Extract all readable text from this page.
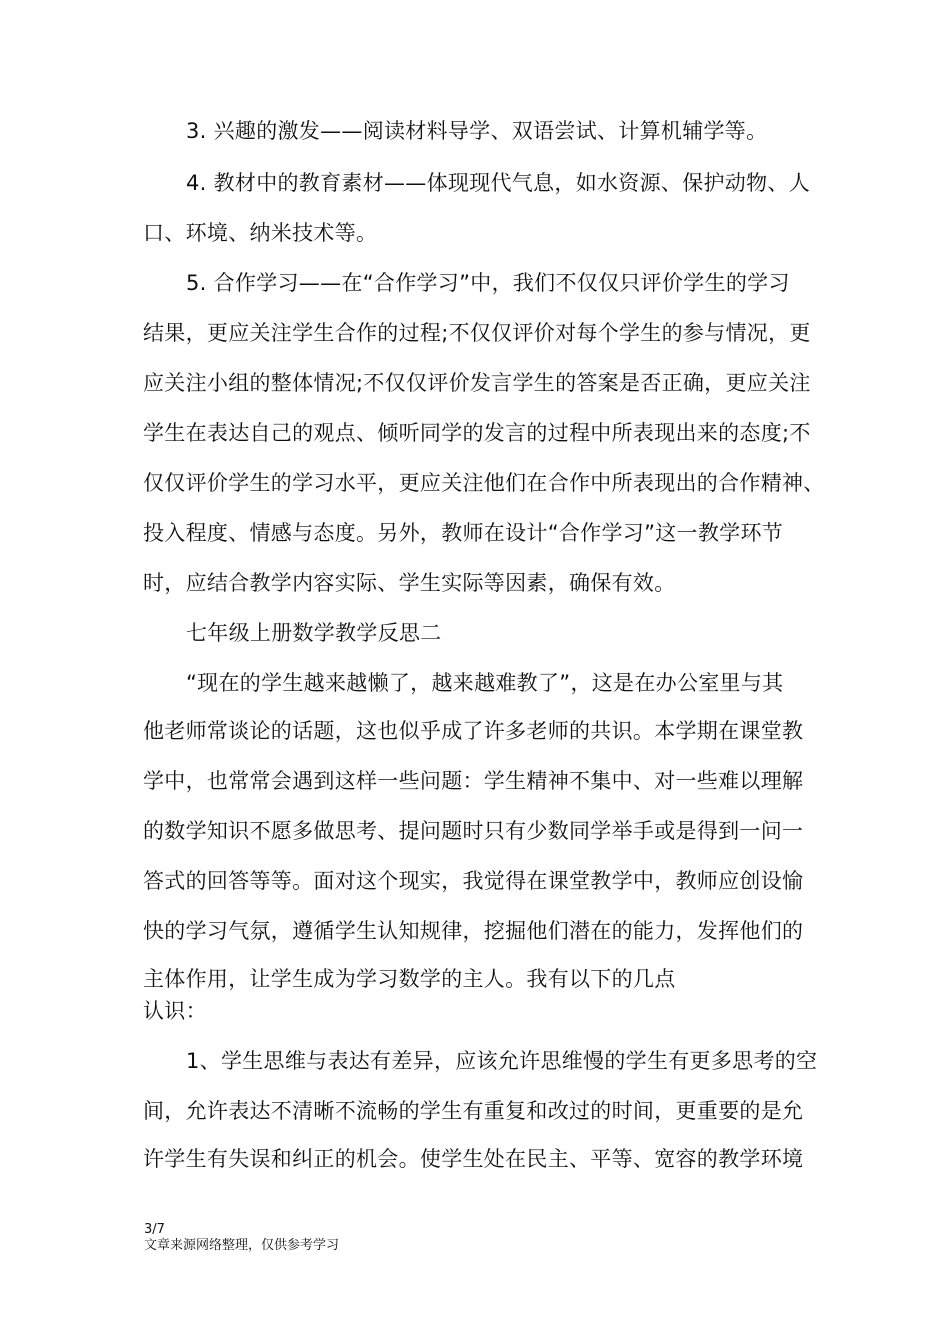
3. 兴趣的激发——阅读材料导学、双语尝试、计算机辅学等。
4. 教材中的教育素材——体现现代气息，如水资源、保护动物、人
口、环境、纳米技术等。
5. 合作学习——在“合作学习”中，我们不仅仅只评价学生的学习
结果，更应关注学生合作的过程;不仅仅评价对每个学生的参与情况，更
应关注小组的整体情况;不仅仅评价发言学生的答案是否正确，更应关注
学生在表达自己的观点、倾听同学的发言的过程中所表现出来的态度;不
仅仅评价学生的学习水平，更应关注他们在合作中所表现出的合作精神、
投入程度、情感与态度。另外，教师在设计“合作学习”这一教学环节
时，应结合教学内容实际、学生实际等因素，确保有效。
七年级上册数学教学反思二
“现在的学生越来越懒了，越来越难教了”，这是在办公室里与其
他老师常谈论的话题，这也似乎成了许多老师的共识。本学期在课堂教
学中，也常常会遇到这样一些问题：学生精神不集中、对一些难以理解
的数学知识不愿多做思考、提问题时只有少数同学举手或是得到一问一
答式的回答等等。面对这个现实，我觉得在课堂教学中，教师应创设愉
快的学习气氛，遵循学生认知规律，挖掘他们潜在的能力，发挥他们的
主体作用，让学生成为学习数学的主人。我有以下的几点
认识：
1、学生思维与表达有差异，应该允许思维慢的学生有更多思考的空
间，允许表达不清晰不流畅的学生有重复和改过的时间，更重要的是允
许学生有失误和纠正的机会。使学生处在民主、平等、宽容的教学环境
3/7
文章来源网络整理，仅供参考学习
